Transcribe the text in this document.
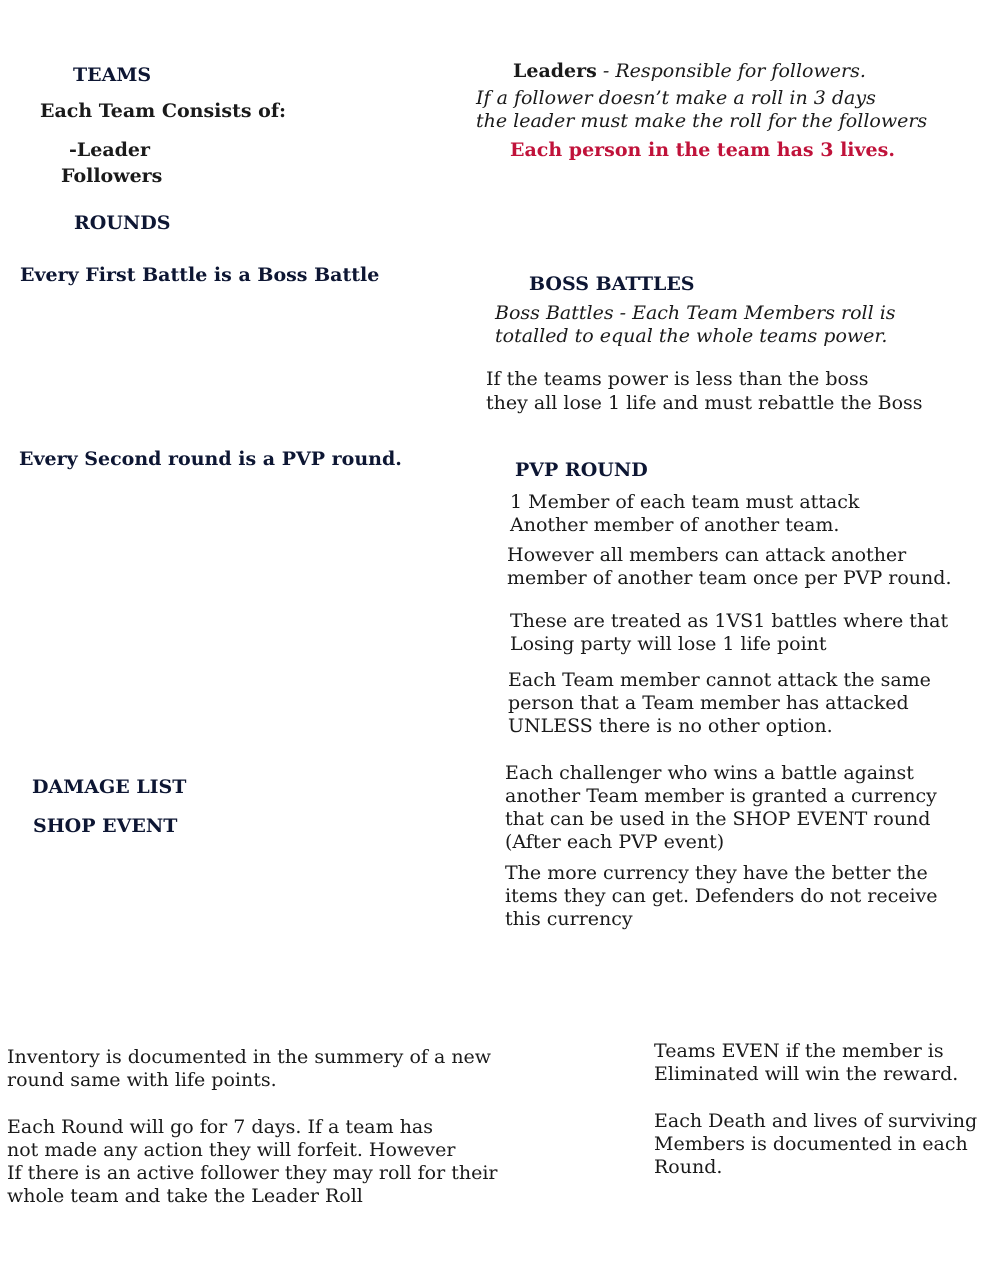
TEAMS
Each Team Consists of:
-Leader
Followers
ROUNDS
Every First Battle is a Boss Battle
Every Second round is a PVP round.
DAMAGE LIST
SHOP EVENT
Leaders - Responsible for followers.
If a follower doesn’t make a roll in 3 days
the leader must make the roll for the followers
Each person in the team has 3 lives.
BOSS BATTLES
Boss Battles - Each Team Members roll is
totalled to equal the whole teams power.
If the teams power is less than the boss
they all lose 1 life and must rebattle the Boss
PVP ROUND
1 Member of each team must attack
Another member of another team.
However all members can attack another
member of another team once per PVP round.
These are treated as 1VS1 battles where that
Losing party will lose 1 life point
Each Team member cannot attack the same
person that a Team member has attacked
UNLESS there is no other option.
Each challenger who wins a battle against
another Team member is granted a currency
that can be used in the SHOP EVENT round
(After each PVP event)
The more currency they have the better the
items they can get. Defenders do not receive
this currency
Inventory is documented in the summery of a new
round same with life points.
Each Round will go for 7 days. If a team has
not made any action they will forfeit. However
If there is an active follower they may roll for their
whole team and take the Leader Roll
Teams EVEN if the member is
Eliminated will win the reward.
Each Death and lives of surviving
Members is documented in each
Round.
